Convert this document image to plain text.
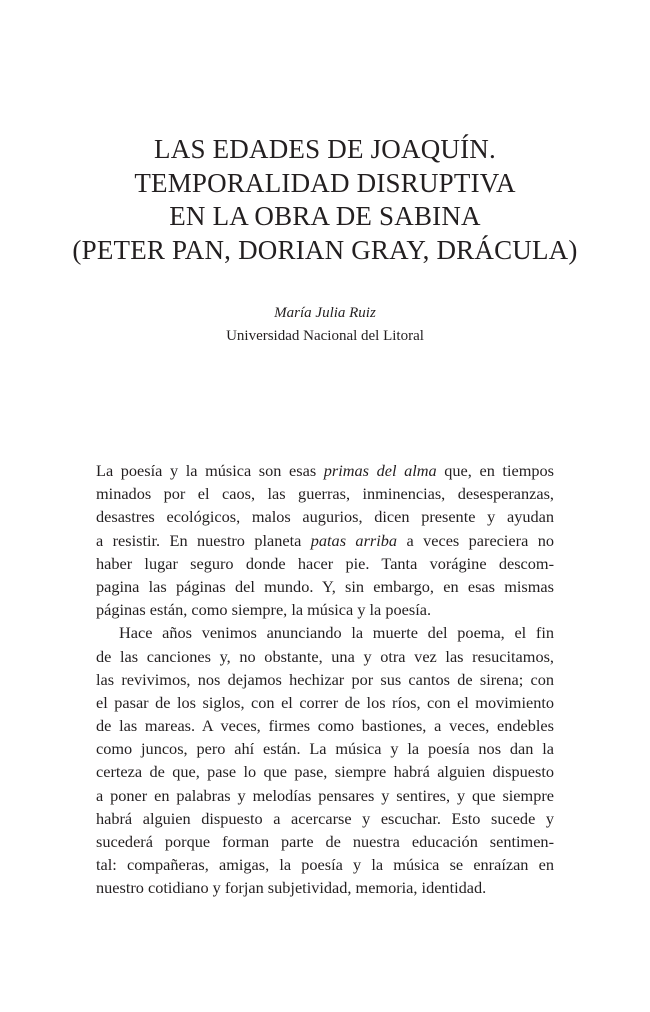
LAS EDADES DE JOAQUÍN.
TEMPORALIDAD DISRUPTIVA
EN LA OBRA DE SABINA
(PETER PAN, DORIAN GRAY, DRÁCULA)
María Julia Ruiz
Universidad Nacional del Litoral
La poesía y la música son esas primas del alma que, en tiempos
minados por el caos, las guerras, inminencias, desesperanzas,
desastres ecológicos, malos augurios, dicen presente y ayudan
a resistir. En nuestro planeta patas arriba a veces pareciera no
haber lugar seguro donde hacer pie. Tanta vorágine descom-
pagina las páginas del mundo. Y, sin embargo, en esas mismas
páginas están, como siempre, la música y la poesía.
Hace años venimos anunciando la muerte del poema, el fin
de las canciones y, no obstante, una y otra vez las resucitamos,
las revivimos, nos dejamos hechizar por sus cantos de sirena; con
el pasar de los siglos, con el correr de los ríos, con el movimiento
de las mareas. A veces, firmes como bastiones, a veces, endebles
como juncos, pero ahí están. La música y la poesía nos dan la
certeza de que, pase lo que pase, siempre habrá alguien dispuesto
a poner en palabras y melodías pensares y sentires, y que siempre
habrá alguien dispuesto a acercarse y escuchar. Esto sucede y
sucederá porque forman parte de nuestra educación sentimen-
tal: compañeras, amigas, la poesía y la música se enraízan en
nuestro cotidiano y forjan subjetividad, memoria, identidad.
